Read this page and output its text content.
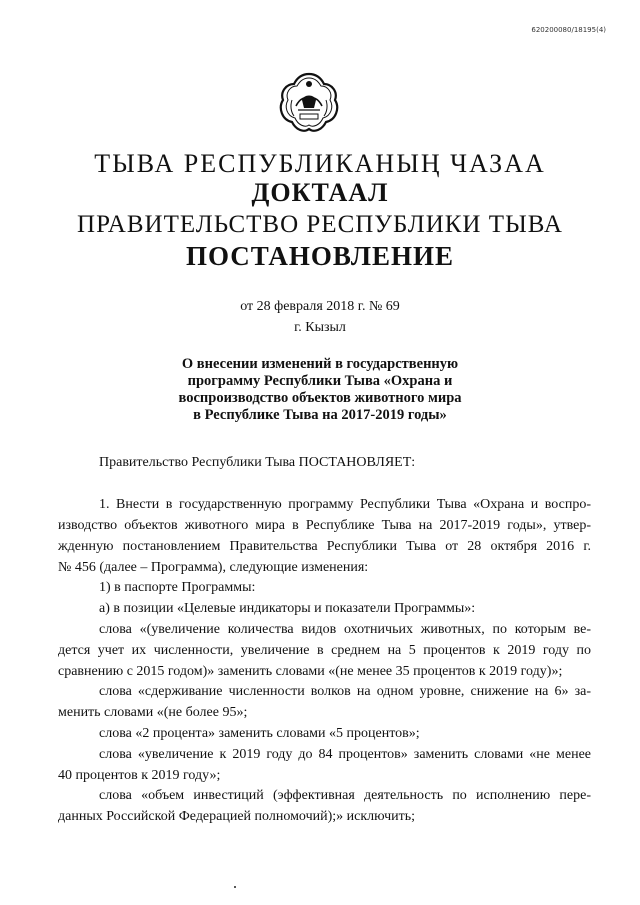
620200080/18195(4)
ТЫВА РЕСПУБЛИКАНЫҢ ЧАЗАА
ДОКТААЛ
ПРАВИТЕЛЬСТВО РЕСПУБЛИКИ ТЫВА
ПОСТАНОВЛЕНИЕ
от 28 февраля 2018 г. № 69
г. Кызыл
О внесении изменений в государственную
программу Республики Тыва «Охрана и
воспроизводство объектов животного мира
в Республике Тыва на 2017-2019 годы»
Правительство Республики Тыва ПОСТАНОВЛЯЕТ:
1. Внести в государственную программу Республики Тыва «Охрана и воспро-
изводство объектов животного мира в Республике Тыва на 2017-2019 годы», утвер-
жденную постановлением Правительства Республики Тыва от 28 октября 2016 г.
№ 456 (далее – Программа), следующие изменения:
1) в паспорте Программы:
а) в позиции «Целевые индикаторы и показатели Программы»:
слова «(увеличение количества видов охотничьих животных, по которым ве-
дется учет их численности, увеличение в среднем на 5 процентов к 2019 году по
сравнению с 2015 годом)» заменить словами «(не менее 35 процентов к 2019 году)»;
слова «сдерживание численности волков на одном уровне, снижение на 6» за-
менить словами «(не более 95»;
слова «2 процента» заменить словами «5 процентов»;
слова «увеличение к 2019 году до 84 процентов» заменить словами «не менее
40 процентов к 2019 году»;
слова «объем инвестиций (эффективная деятельность по исполнению пере-
данных Российской Федерацией полномочий);» исключить;
